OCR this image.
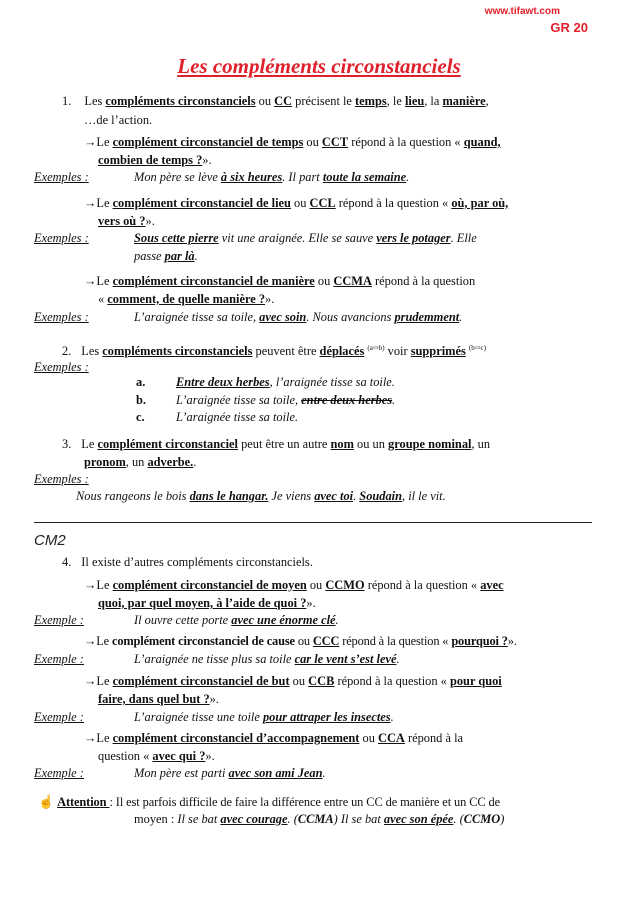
www.tifawt.com
GR 20
Les compléments circonstanciels
1. Les compléments circonstanciels ou CC précisent le temps, le lieu, la manière,
…de l’action.
→Le complément circonstanciel de temps ou CCT répond à la question « quand,
combien de temps ?».
Exemples :	Mon père se lève à six heures. Il part toute la semaine.
→Le complément circonstanciel de lieu ou CCL répond à la question « où, par où,
vers où ?».
Exemples :	Sous cette pierre vit une araignée. Elle se sauve vers le potager. Elle
passe par là.
→Le complément circonstanciel de manière ou CCMA répond à la question
« comment, de quelle manière ?».
Exemples :	L’araignée tisse sa toile, avec soin. Nous avancions prudemment.
2. Les compléments circonstanciels peuvent être déplacés $^{(a⇨b)}$ voir supprimés $^{(b⇨c)}$
Exemples :
a. Entre deux herbes, l’araignée tisse sa toile.
b. L’araignée tisse sa toile, entre deux herbes.
c.	L’araignée tisse sa toile.
3. Le complément circonstanciel peut être un autre nom ou un groupe nominal, un
pronom, un adverbe..
Exemples :
Nous rangeons le bois dans le hangar. Je viens avec toi. Soudain, il le vit.
CM2
4. Il existe d’autres compléments circonstanciels.
→Le complément circonstanciel de moyen ou CCMO répond à la question « avec
quoi, par quel moyen, à l’aide de quoi ?».
Exemple :	Il ouvre cette porte avec une énorme clé.
→Le complément circonstanciel de cause ou CCC répond à la question « pourquoi ?».
Exemple :	L’araignée ne tisse plus sa toile car le vent s’est levé.
→Le complément circonstanciel de but ou CCB répond à la question « pour quoi
faire, dans quel but ?».
Exemple :	L’araignée tisse une toile pour attraper les insectes.
→Le complément circonstanciel d’accompagnement ou CCA répond à la
question « avec qui ?».
Exemple :	Mon père est parti avec son ami Jean.
☝ Attention : Il est parfois difficile de faire la différence entre un CC de manière et un CC de
moyen : Il se bat avec courage. (CCMA) Il se bat avec son épée. (CCMO)
